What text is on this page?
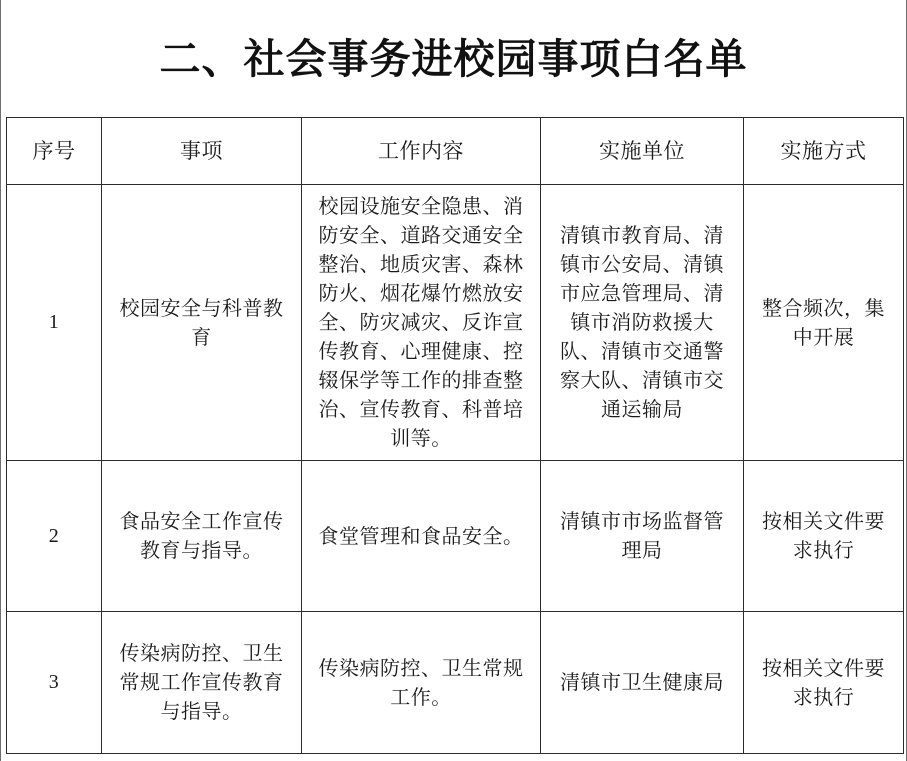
二、社会事务进校园事项白名单
序号	事项	工作内容	实施单位	实施方式
1	校园安全与科普教育	校园设施安全隐患、消防安全、道路交通安全整治、地质灾害、森林防火、烟花爆竹燃放安全、防灾减灾、反诈宣传教育、心理健康、控辍保学等工作的排查整治、宣传教育、科普培训等。	清镇市教育局、清镇市公安局、清镇市应急管理局、清镇市消防救援大队、清镇市交通警察大队、清镇市交通运输局	整合频次，集中开展
2	食品安全工作宣传教育与指导。	食堂管理和食品安全。	清镇市市场监督管理局	按相关文件要求执行
3	传染病防控、卫生常规工作宣传教育与指导。	传染病防控、卫生常规工作。	清镇市卫生健康局	按相关文件要求执行
